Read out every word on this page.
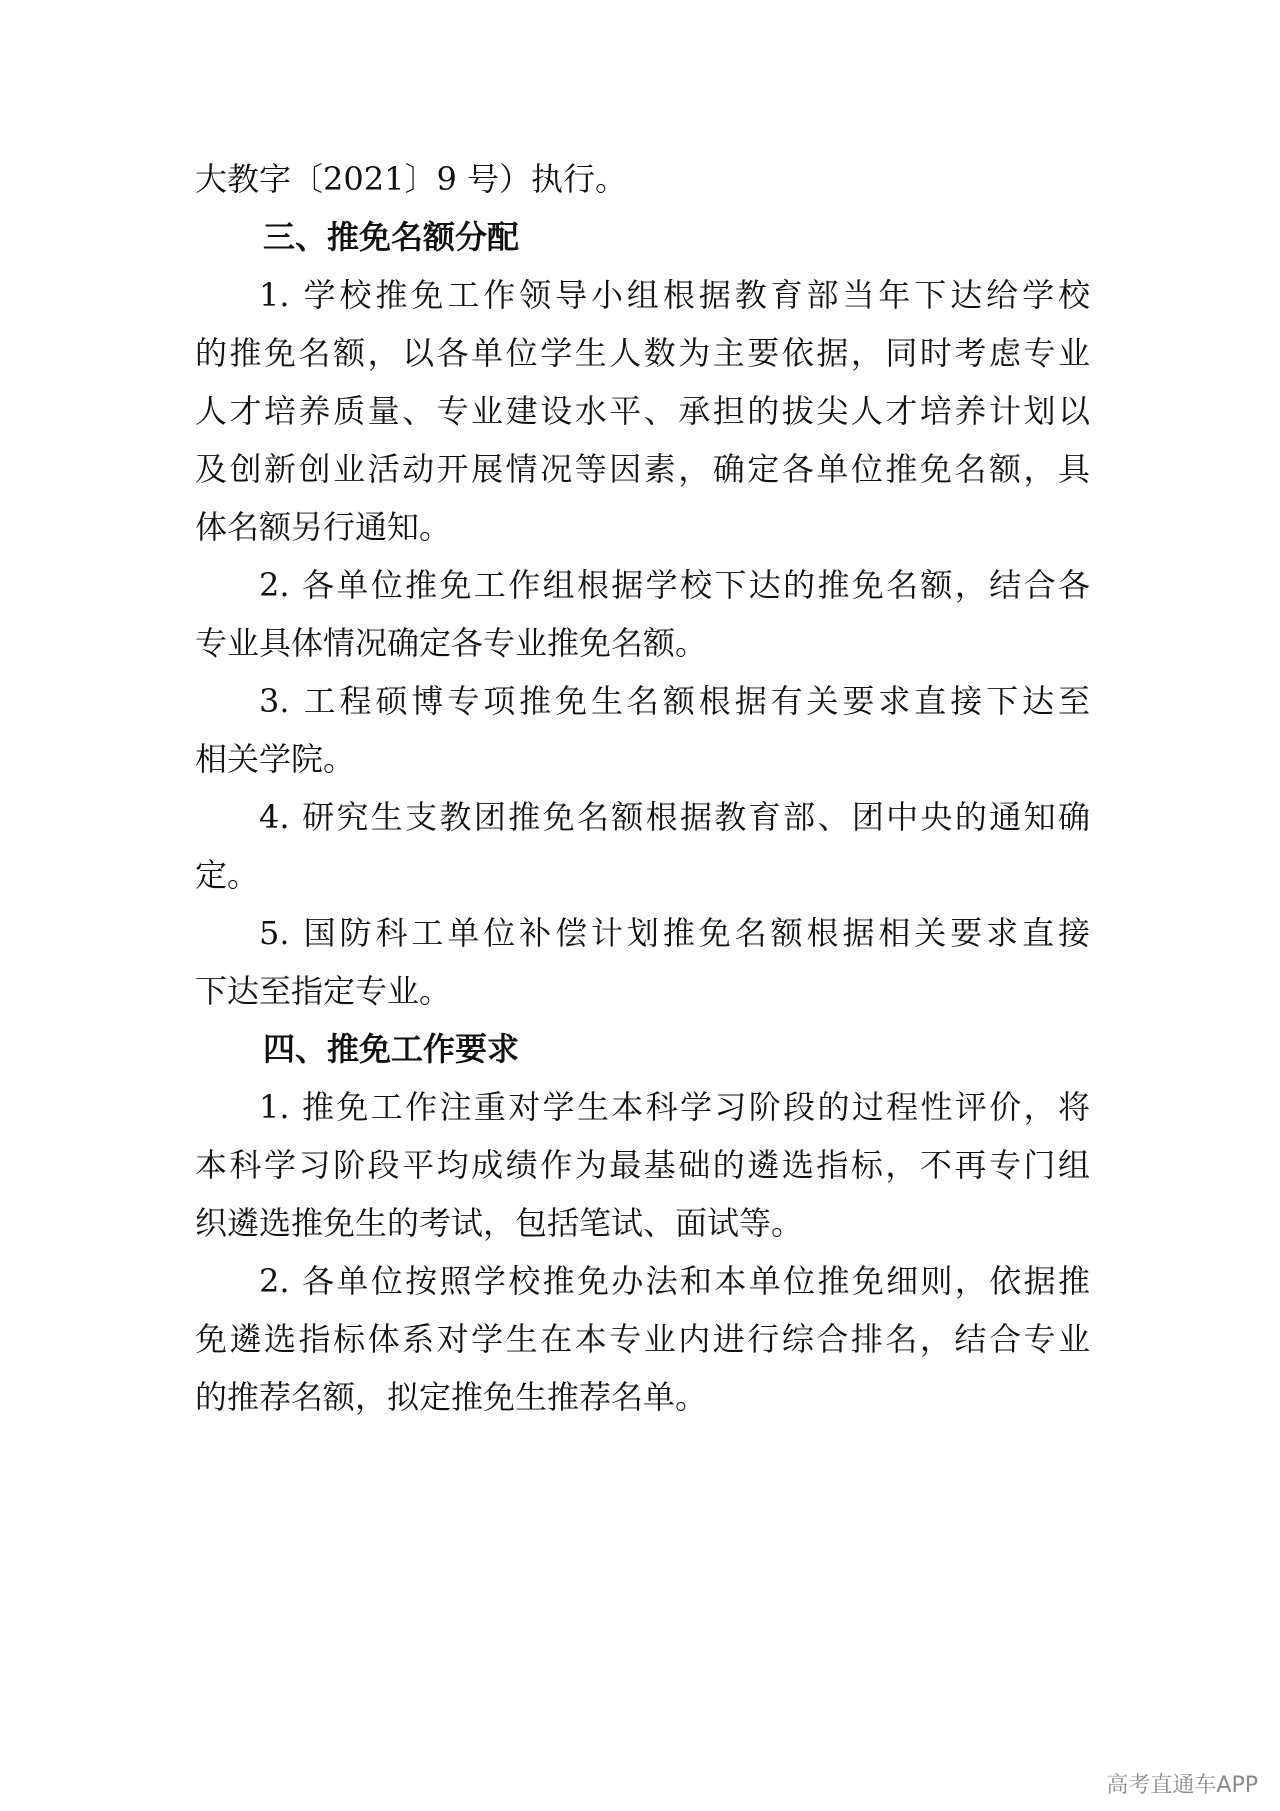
大教字〔2021〕9 号）执行。
三、推免名额分配
1. 学校推免工作领导小组根据教育部当年下达给学校
的推免名额，以各单位学生人数为主要依据，同时考虑专业
人才培养质量、专业建设水平、承担的拔尖人才培养计划以
及创新创业活动开展情况等因素，确定各单位推免名额，具
体名额另行通知。
2. 各单位推免工作组根据学校下达的推免名额，结合各
专业具体情况确定各专业推免名额。
3. 工程硕博专项推免生名额根据有关要求直接下达至
相关学院。
4. 研究生支教团推免名额根据教育部、团中央的通知确
定。
5. 国防科工单位补偿计划推免名额根据相关要求直接
下达至指定专业。
四、推免工作要求
1. 推免工作注重对学生本科学习阶段的过程性评价，将
本科学习阶段平均成绩作为最基础的遴选指标，不再专门组
织遴选推免生的考试，包括笔试、面试等。
2. 各单位按照学校推免办法和本单位推免细则，依据推
免遴选指标体系对学生在本专业内进行综合排名，结合专业
的推荐名额，拟定推免生推荐名单。
高考直通车APP
